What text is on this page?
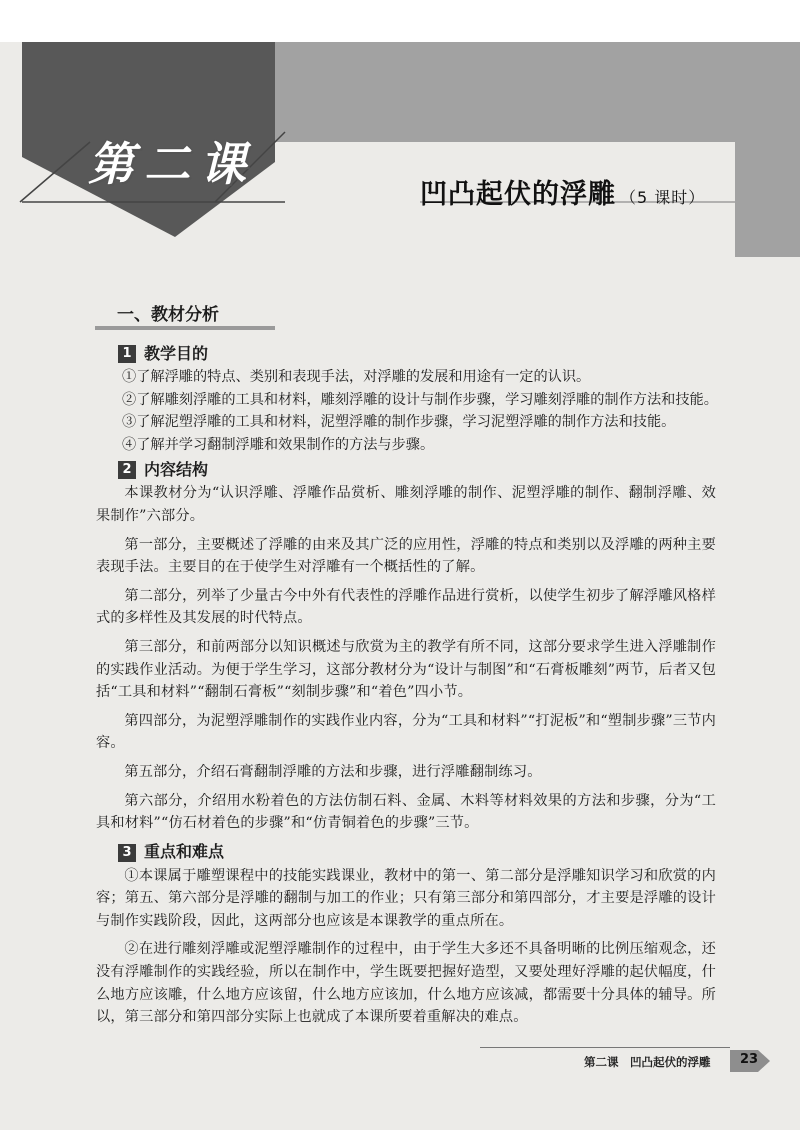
第二课
凹凸起伏的浮雕 （5 课时）
一、教材分析
1 教学目的
①了解浮雕的特点、类别和表现手法，对浮雕的发展和用途有一定的认识。
②了解雕刻浮雕的工具和材料，雕刻浮雕的设计与制作步骤，学习雕刻浮雕的制作方法和技能。
③了解泥塑浮雕的工具和材料，泥塑浮雕的制作步骤，学习泥塑浮雕的制作方法和技能。
④了解并学习翻制浮雕和效果制作的方法与步骤。
2 内容结构

本课教材分为“认识浮雕、浮雕作品赏析、雕刻浮雕的制作、泥塑浮雕的制作、翻制浮雕、效果制作”六部分。

第一部分，主要概述了浮雕的由来及其广泛的应用性，浮雕的特点和类别以及浮雕的两种主要表现手法。主要目的在于使学生对浮雕有一个概括性的了解。

第二部分，列举了少量古今中外有代表性的浮雕作品进行赏析，以使学生初步了解浮雕风格样式的多样性及其发展的时代特点。

第三部分，和前两部分以知识概述与欣赏为主的教学有所不同，这部分要求学生进入浮雕制作的实践作业活动。为便于学生学习，这部分教材分为“设计与制图”和“石膏板雕刻”两节，后者又包括“工具和材料”“翻制石膏板”“刻制步骤”和“着色”四小节。

第四部分，为泥塑浮雕制作的实践作业内容，分为“工具和材料”“打泥板”和“塑制步骤”三节内容。

第五部分，介绍石膏翻制浮雕的方法和步骤，进行浮雕翻制练习。

第六部分，介绍用水粉着色的方法仿制石料、金属、木料等材料效果的方法和步骤，分为“工具和材料”“仿石材着色的步骤”和“仿青铜着色的步骤”三节。

3 重点和难点

①本课属于雕塑课程中的技能实践课业，教材中的第一、第二部分是浮雕知识学习和欣赏的内容；第五、第六部分是浮雕的翻制与加工的作业；只有第三部分和第四部分，才主要是浮雕的设计与制作实践阶段，因此，这两部分也应该是本课教学的重点所在。

②在进行雕刻浮雕或泥塑浮雕制作的过程中，由于学生大多还不具备明晰的比例压缩观念，还没有浮雕制作的实践经验，所以在制作中，学生既要把握好造型，又要处理好浮雕的起伏幅度，什么地方应该雕，什么地方应该留，什么地方应该加，什么地方应该减，都需要十分具体的辅导。所以，第三部分和第四部分实际上也就成了本课所要着重解决的难点。

第二课　凹凸起伏的浮雕 23
